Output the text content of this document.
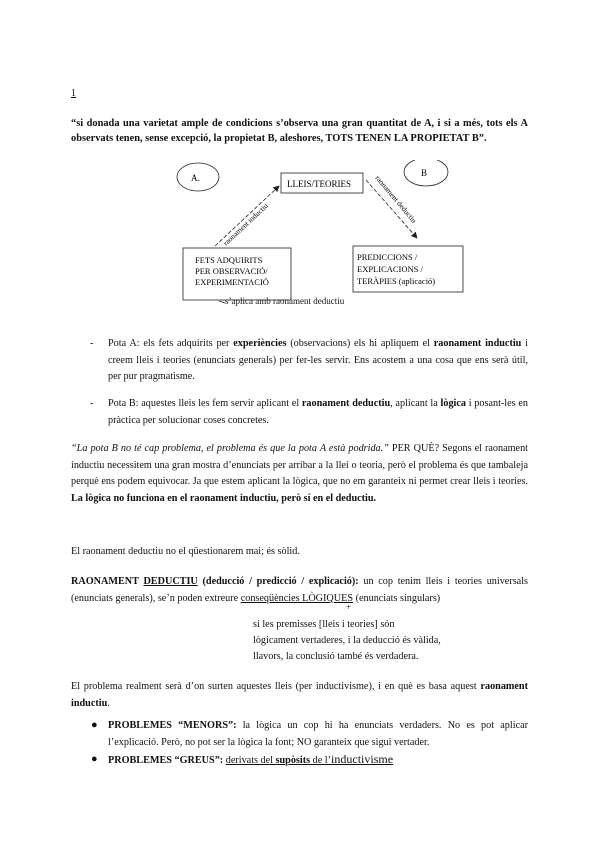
1
“si donada una varietat ample de condicions s’observa una gran quantitat de A, i si a més, tots els A observats tenen, sense excepció, la propietat B, aleshores, TOTS TENEN LA PROPIETAT B”.
A.	B
LLEIS/TEORIES
raonament inductiu	raonament deductiu
FETS ADQUIRITS
PER OBSERVACIÓ/
EXPERIMENTACIÓ
PREDICCIONS /
EXPLICACIONS /
TERÀPIES (aplicació)
s’aplica amb raonament deductiu
- Pota A: els fets adquirits per experiències (observacions) els hi apliquem el raonament inductiu i creem lleis i teories (enunciats generals) per fer-les servir. Ens acostem a una cosa que ens serà útil, per pur pragmatisme.
- Pota B: aquestes lleis les fem servir aplicant el raonament deductiu, aplicant la lògica i posant-les en pràctica per solucionar coses concretes.
“La pota B no té cap problema, el problema és que la pota A està podrida.” PER QUÈ? Segons el raonament inductiu necessitem una gran mostra d’enunciats per arribar a la llei o teoria, però el problema és que tambaleja perquè ens podem equivocar. Ja que estem aplicant la lògica, que no em garanteix ni permet crear lleis i teories. La lògica no funciona en el raonament inductiu, però sí en el deductiu.
El raonament deductiu no el qüestionarem mai; és sòlid.
RAONAMENT DEDUCTIU (deducció / predicció / explicació): un cop tenim lleis i teories universals (enunciats generals), se’n poden extreure conseqüències LÒGIQUES (enunciats singulars)
+
si les premisses [lleis i teories] són
lògicament vertaderes, i la deducció és vàlida,
llavors, la conclusió també és verdadera.
El problema realment serà d’on surten aquestes lleis (per inductivisme), i en què es basa aquest raonament inductiu.
● PROBLEMES “MENORS”: la lògica un cop hi ha enunciats verdaders. No es pot aplicar l’explicació. Però, no pot ser la lògica la font; NO garanteix que sigui vertader.
● PROBLEMES “GREUS”: derivats del supòsits de l’inductivisme
